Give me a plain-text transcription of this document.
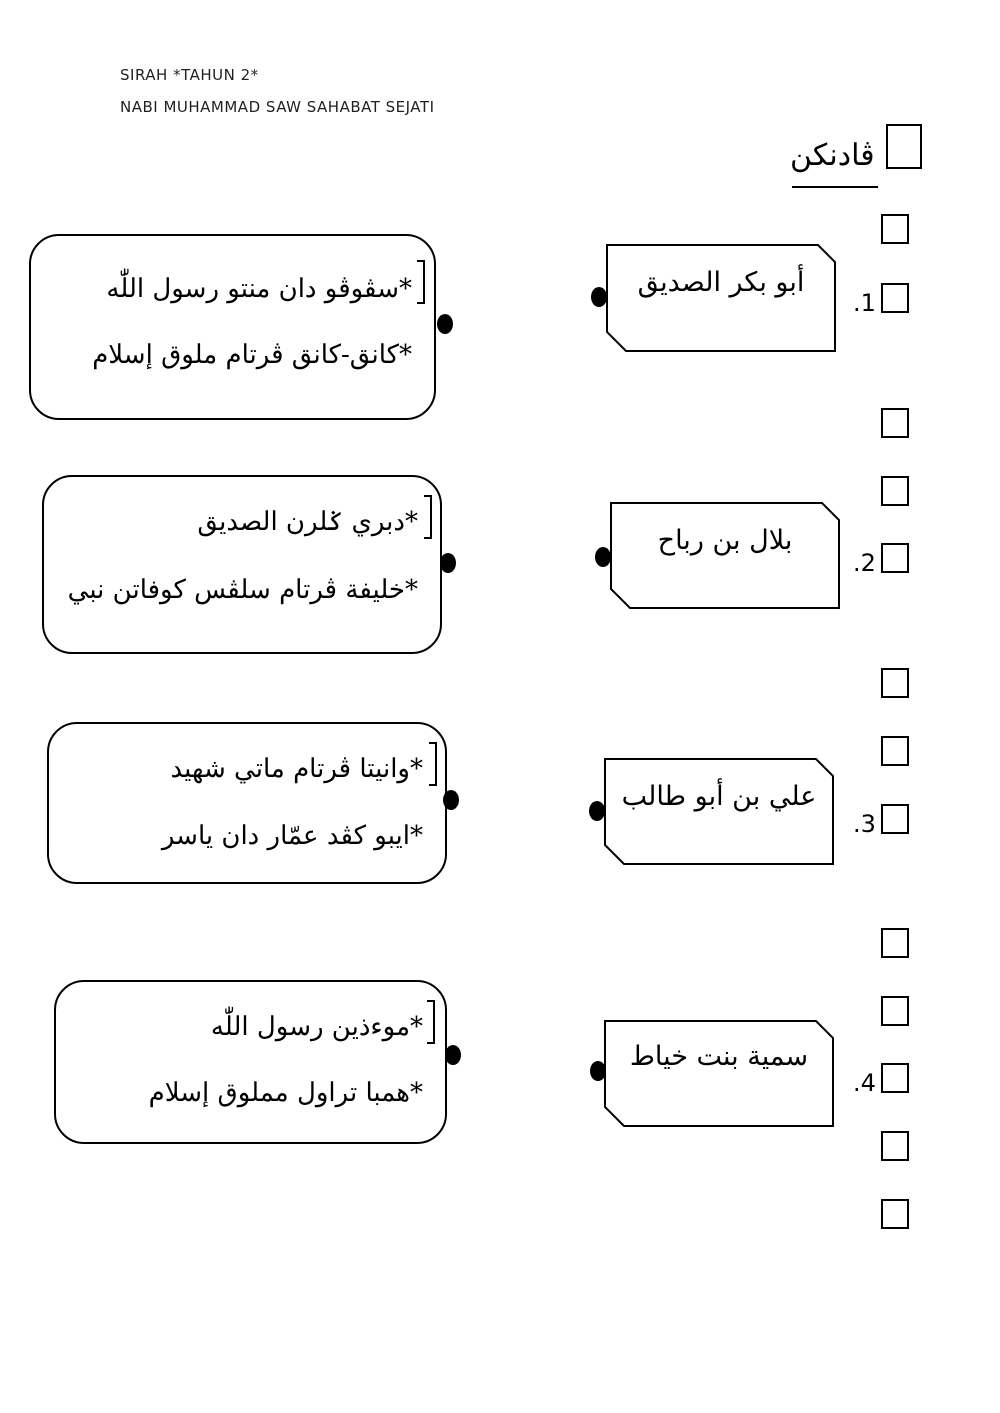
SIRAH *TAHUN 2*
NABI MUHAMMAD SAW SAHABAT SEJATI
ڤادنكن
.1
.2
.3
.4
أبو بكر الصديق
بلال بن رباح
علي بن أبو طالب
سمية بنت خياط
*سڤوڤو دان منتو رسول اللّٰه
*كانق-كانق ڤرتام ملوق إسلام
*دبري ݢلرن الصديق
*خليفة ڤرتام سلڤس كوفاتن نبي
*وانيتا ڤرتام ماتي شهيد
*ايبو كڤد عمّار دان ياسر
*موءذين رسول اللّٰه
*همبا تراول مملوق إسلام
